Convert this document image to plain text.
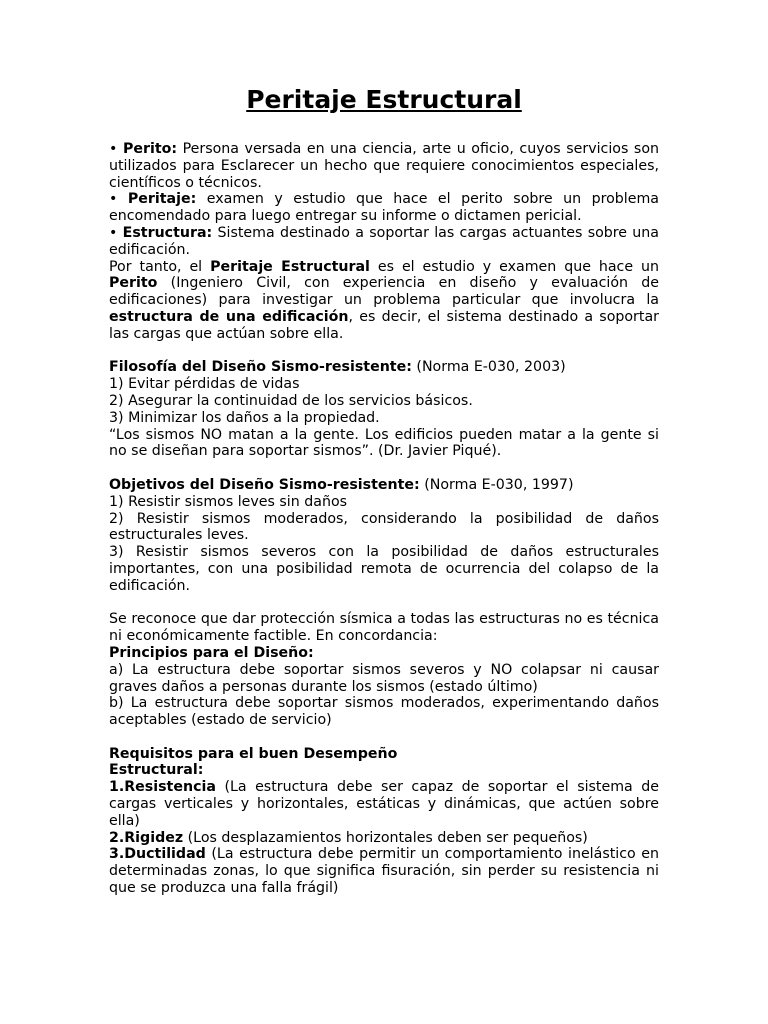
Peritaje Estructural

• Perito: Persona versada en una ciencia, arte u oficio, cuyos servicios son utilizados para Esclarecer un hecho que requiere conocimientos especiales, científicos o técnicos.

• Peritaje: examen y estudio que hace el perito sobre un problema encomendado para luego entregar su informe o dictamen pericial.

• Estructura: Sistema destinado a soportar las cargas actuantes sobre una edificación.

Por tanto, el Peritaje Estructural es el estudio y examen que hace un Perito (Ingeniero Civil, con experiencia en diseño y evaluación de edificaciones) para investigar un problema particular que involucra la estructura de una edificación, es decir, el sistema destinado a soportar las cargas que actúan sobre ella.

Filosofía del Diseño Sismo-resistente: (Norma E-030, 2003)

1) Evitar pérdidas de vidas

2) Asegurar la continuidad de los servicios básicos.

3) Minimizar los daños a la propiedad.

“Los sismos NO matan a la gente. Los edificios pueden matar a la gente si no se diseñan para soportar sismos”. (Dr. Javier Piqué).

Objetivos del Diseño Sismo-resistente: (Norma E-030, 1997)

1) Resistir sismos leves sin daños

2) Resistir sismos moderados, considerando la posibilidad de daños estructurales leves.

3) Resistir sismos severos con la posibilidad de daños estructurales importantes, con una posibilidad remota de ocurrencia del colapso de la edificación.

Se reconoce que dar protección sísmica a todas las estructuras no es técnica ni económicamente factible. En concordancia:

Principios para el Diseño:

a) La estructura debe soportar sismos severos y NO colapsar ni causar graves daños a personas durante los sismos (estado último)

b) La estructura debe soportar sismos moderados, experimentando daños aceptables (estado de servicio)

Requisitos para el buen Desempeño

Estructural:

1.Resistencia (La estructura debe ser capaz de soportar el sistema de cargas verticales y horizontales, estáticas y dinámicas, que actúen sobre ella)

2.Rigidez (Los desplazamientos horizontales deben ser pequeños)

3.Ductilidad (La estructura debe permitir un comportamiento inelástico en determinadas zonas, lo que significa fisuración, sin perder su resistencia ni que se produzca una falla frágil)
